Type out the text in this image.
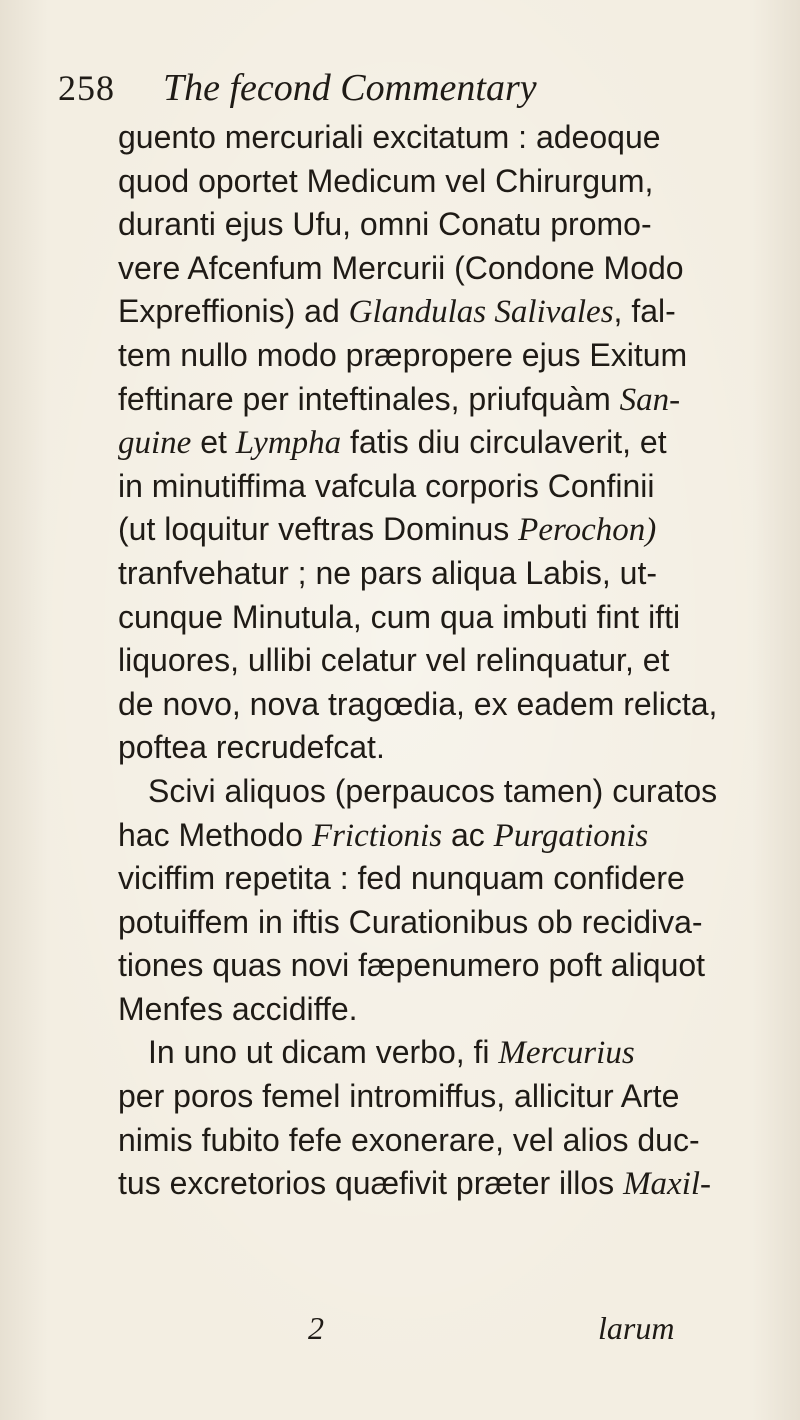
258 The fecond Commentary
guento mercuriali excitatum : adeoque
quod oportet Medicum vel Chirurgum,
duranti ejus Ufu, omni Conatu promo-
vere Afcenfum Mercurii (Condone Modo
Expreffionis) ad Glandulas Salivales, fal-
tem nullo modo præpropere ejus Exitum
feftinare per inteftinales, priufquàm San-
guine et Lympha fatis diu circulaverit, et
in minutiffima vafcula corporis Confinii
(ut loquitur veftras Dominus Perochon)
tranfvehatur ; ne pars aliqua Labis, ut-
cunque Minutula, cum qua imbuti fint ifti
liquores, ullibi celatur vel relinquatur, et
de novo, nova tragœdia, ex eadem relicta,
poftea recrudefcat.
Scivi aliquos (perpaucos tamen) curatos
hac Methodo Frictionis ac Purgationis
viciffim repetita : fed nunquam confidere
potuiffem in iftis Curationibus ob recidiva-
tiones quas novi fæpenumero poft aliquot
Menfes accidiffe.
In uno ut dicam verbo, fi Mercurius
per poros femel intromiffus, allicitur Arte
nimis fubito fefe exonerare, vel alios duc-
tus excretorios quæfivit præter illos Maxil-
2	larum
